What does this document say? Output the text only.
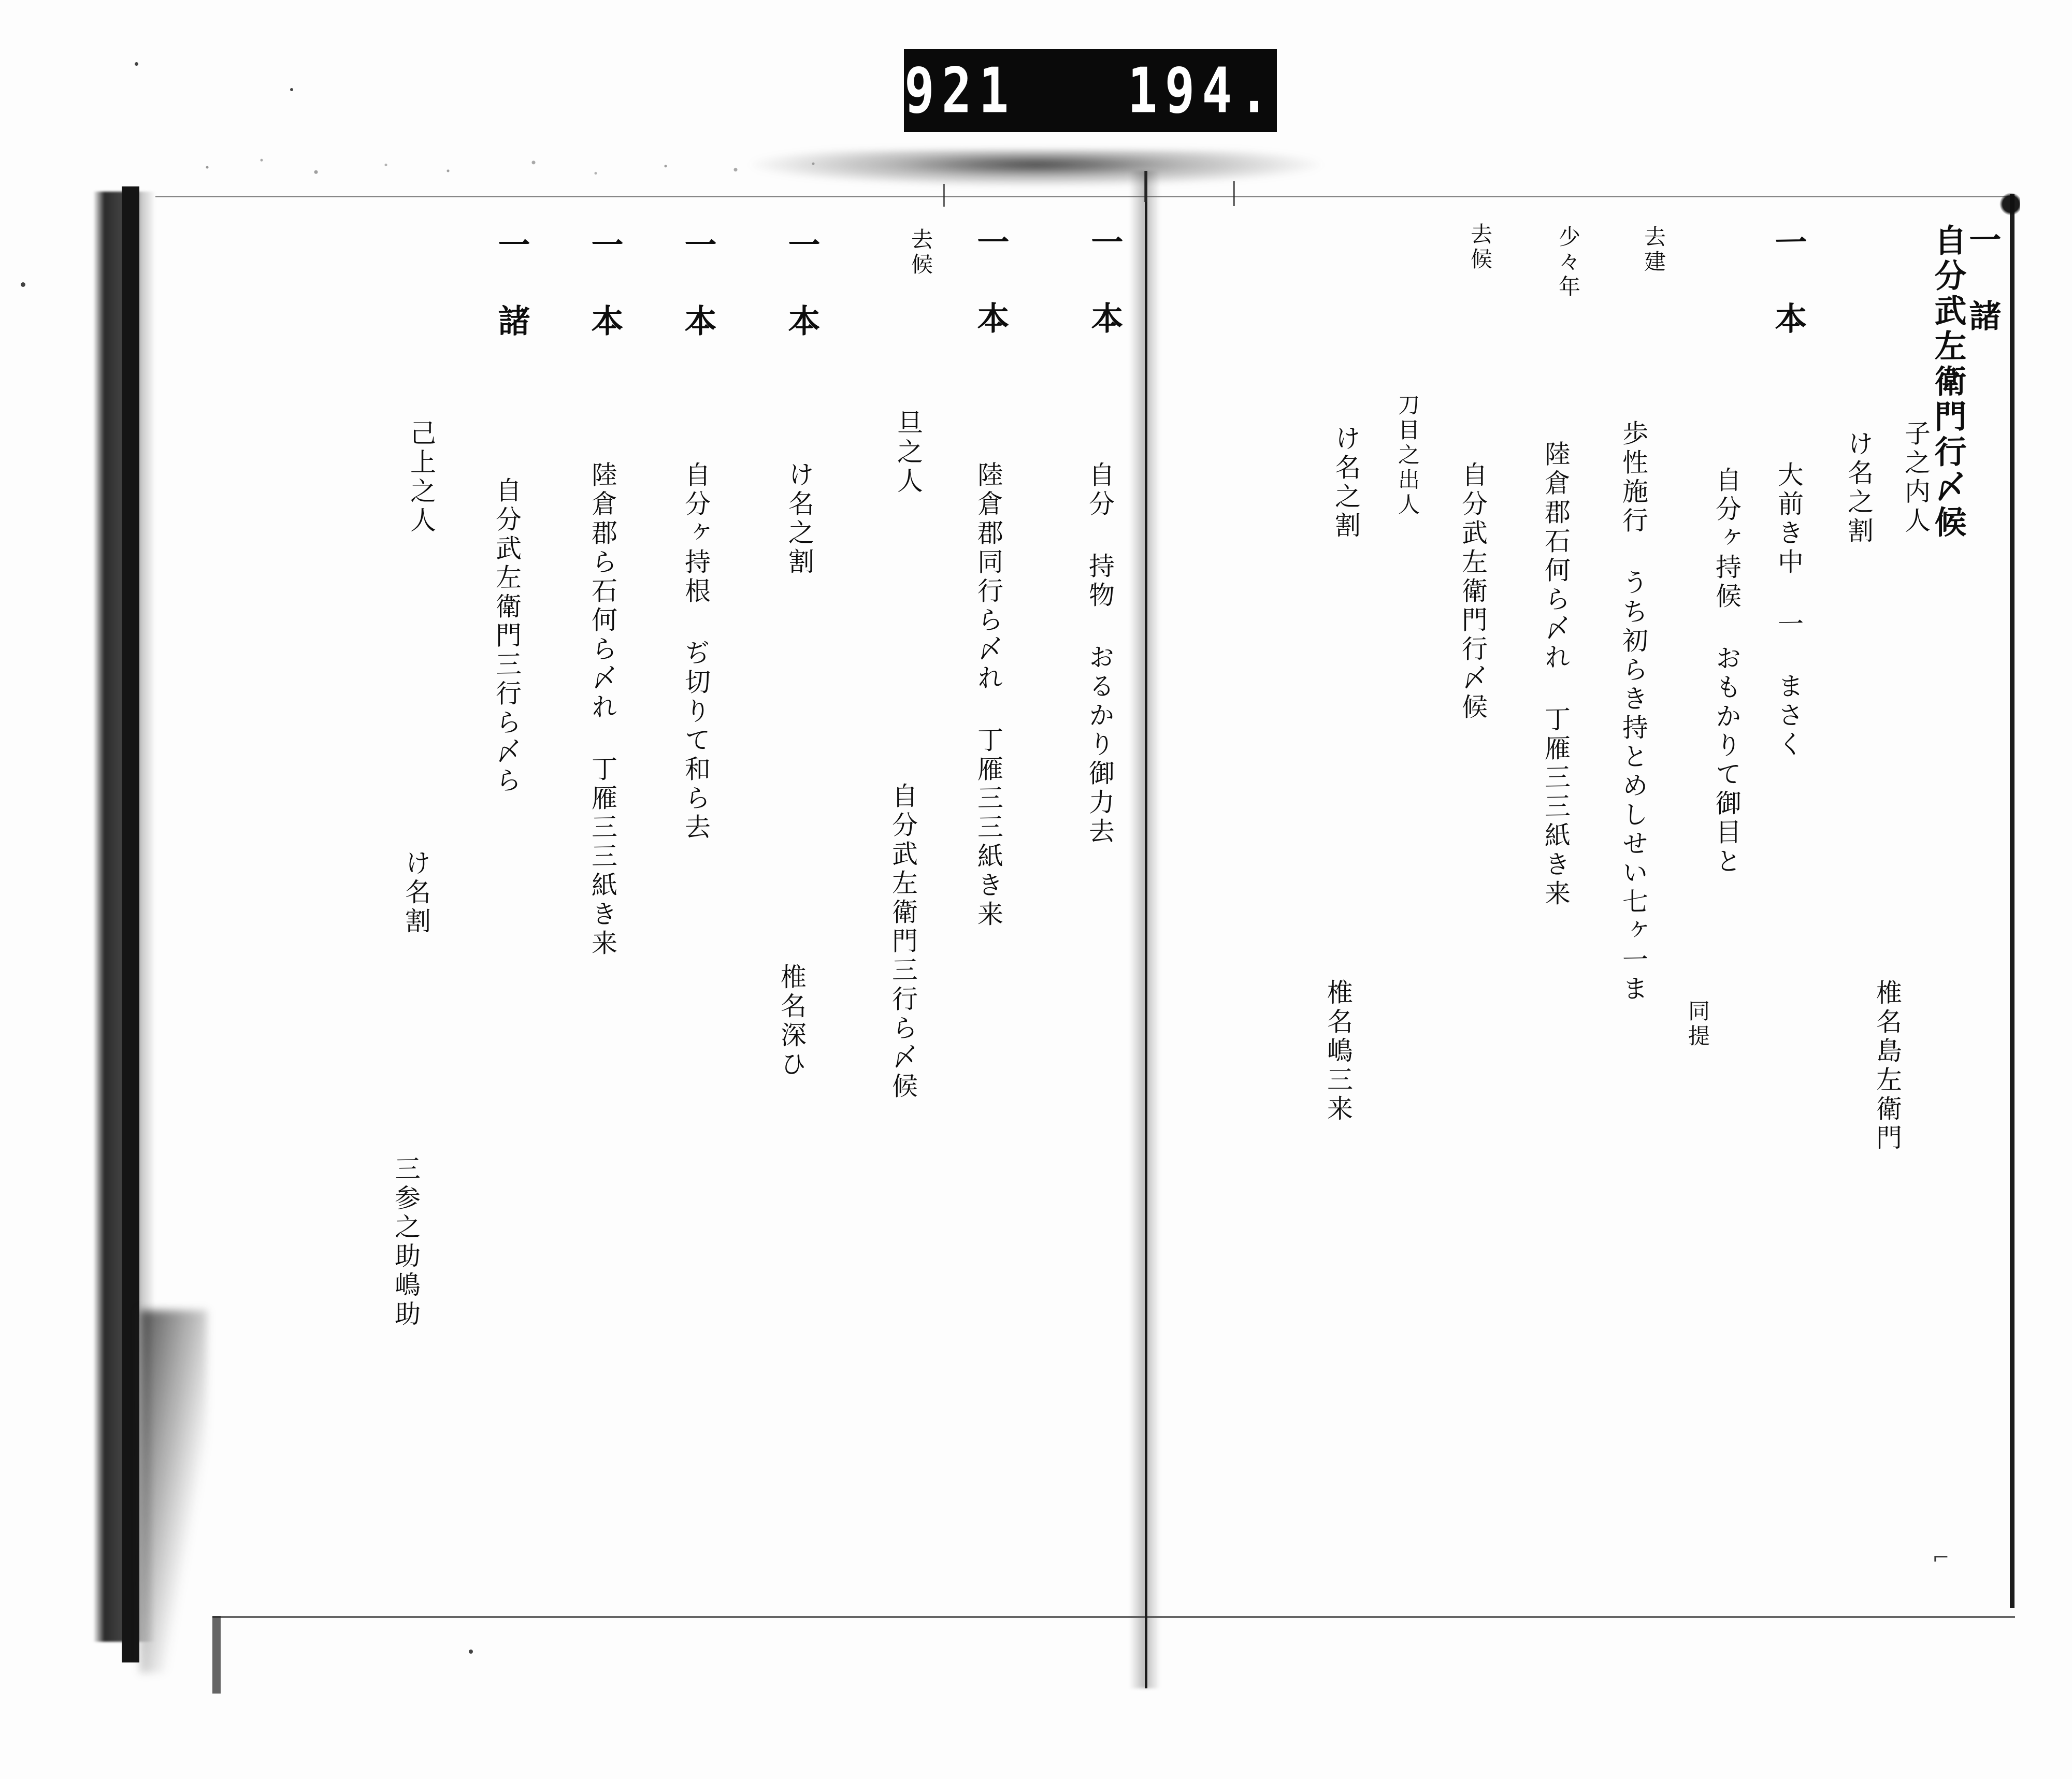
921   194.
一 諸
自分武左衛門行〆候
子之内人
け名之割
椎名島左衛門
一 本
大前き中 一 まさく
自分ヶ持候 おもかりて御目と
同提
去建
歩性施行 うち初らき持とめしせい七ヶ一ま
少々年
陸倉郡石何ら〆れ 丁雁三三紙き来
去候
自分武左衛門行〆候
刀目之出人
け名之割
椎名嶋三来
一 本
自分 持物 おるかり御力去
一 本
陸倉郡同行ら〆れ 丁雁三三紙き来
去候
旦之人
自分武左衛門三行ら〆候
一 本
け名之割
椎名深ひ
一 本
自分ヶ持根 ぢ切りて和ら去
一 本
陸倉郡ら石何ら〆れ 丁雁三三紙き来
一 諸
自分武左衛門三行ら〆ら
己上之人
け名割
三参之助嶋助
⌐
